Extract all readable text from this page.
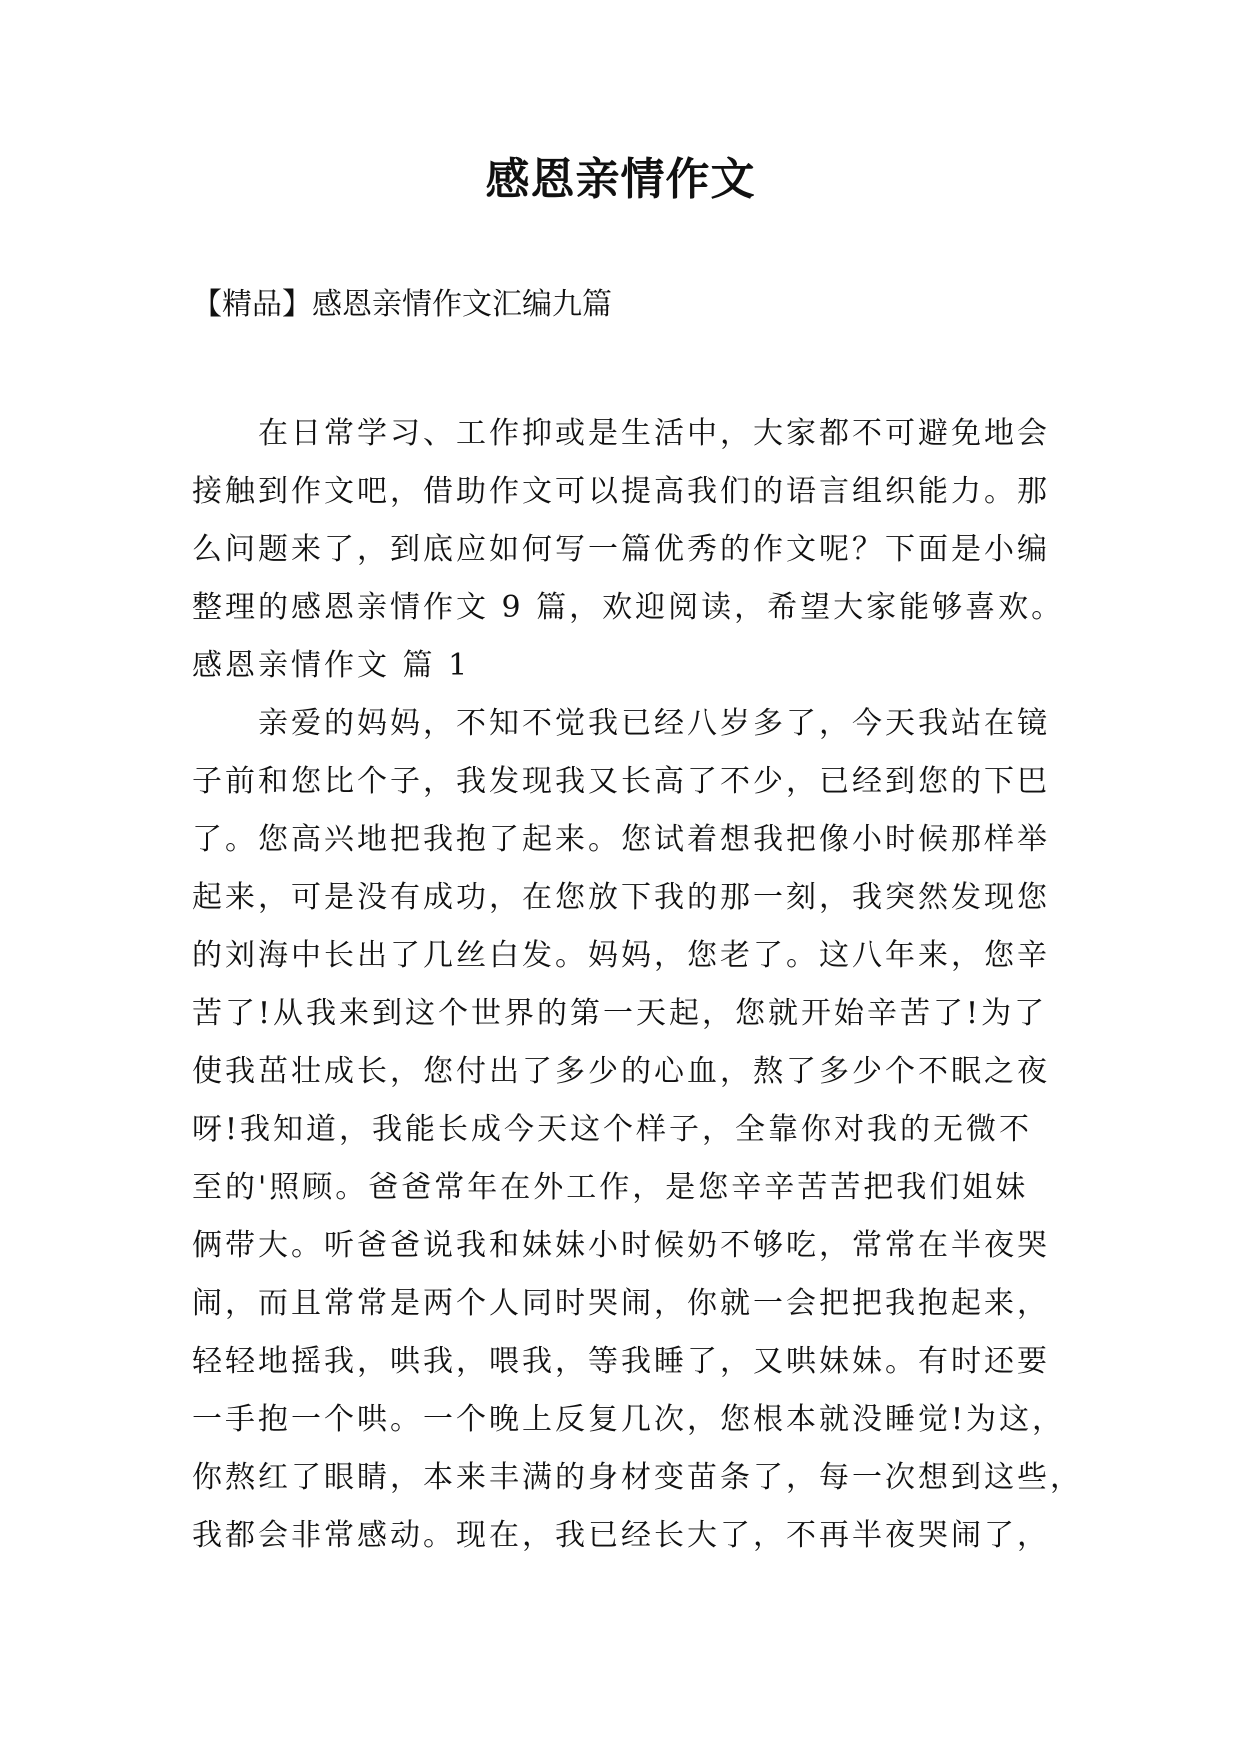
感恩亲情作文
【精品】感恩亲情作文汇编九篇
　　在日常学习、工作抑或是生活中，大家都不可避免地会
接触到作文吧，借助作文可以提高我们的语言组织能力。那
么问题来了，到底应如何写一篇优秀的作文呢？下面是小编
整理的感恩亲情作文 9 篇，欢迎阅读，希望大家能够喜欢。
感恩亲情作文 篇 1
　　亲爱的妈妈，不知不觉我已经八岁多了，今天我站在镜
子前和您比个子，我发现我又长高了不少，已经到您的下巴
了。您高兴地把我抱了起来。您试着想我把像小时候那样举
起来，可是没有成功，在您放下我的那一刻，我突然发现您
的刘海中长出了几丝白发。妈妈，您老了。这八年来，您辛
苦了!从我来到这个世界的第一天起，您就开始辛苦了!为了
使我茁壮成长，您付出了多少的心血，熬了多少个不眠之夜
呀!我知道，我能长成今天这个样子，全靠你对我的无微不
至的'照顾。爸爸常年在外工作，是您辛辛苦苦把我们姐妹
俩带大。听爸爸说我和妹妹小时候奶不够吃，常常在半夜哭
闹，而且常常是两个人同时哭闹，你就一会把把我抱起来，
轻轻地摇我，哄我，喂我，等我睡了，又哄妹妹。有时还要
一手抱一个哄。一个晚上反复几次，您根本就没睡觉!为这，
你熬红了眼睛，本来丰满的身材变苗条了，每一次想到这些，
我都会非常感动。现在，我已经长大了，不再半夜哭闹了，
